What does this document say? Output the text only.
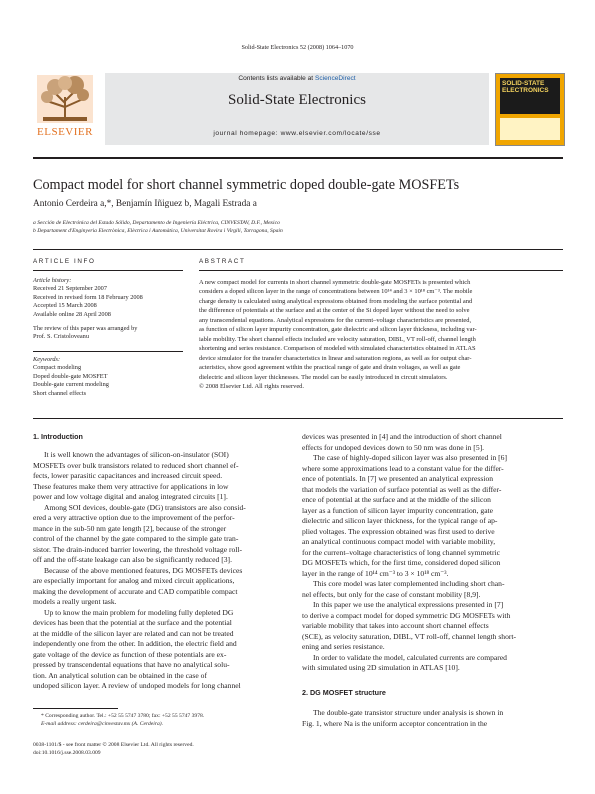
Solid-State Electronics 52 (2008) 1064–1070
ELSEVIER
Contents lists available at ScienceDirect
Solid-State Electronics
journal homepage: www.elsevier.com/locate/sse
SOLID-STATE ELECTRONICS
Compact model for short channel symmetric doped double-gate MOSFETs
Antonio Cerdeira a,*, Benjamín Iñiguez b, Magali Estrada a
a Sección de Electrónica del Estado Sólido, Departamento de Ingeniería Eléctrica, CINVESTAV, D.F., Mexico
b Departament d'Enginyeria Electrònica, Elèctrica i Automàtica, Universitat Rovira i Virgili, Tarragona, Spain
ARTICLE INFO
Article history:
Received 21 September 2007
Received in revised form 18 February 2008
Accepted 15 March 2008
Available online 28 April 2008
The review of this paper was arranged by
Prof. S. Cristoloveanu
Keywords:
Compact modeling
Doped double-gate MOSFET
Double-gate current modeling
Short channel effects
ABSTRACT
A new compact model for currents in short channel symmetric double-gate MOSFETs is presented which
considers a doped silicon layer in the range of concentrations between 10¹⁴ and 3 × 10¹⁸ cm⁻³. The mobile
charge density is calculated using analytical expressions obtained from modeling the surface potential and
the difference of potentials at the surface and at the center of the Si doped layer without the need to solve
any transcendental equations. Analytical expressions for the current–voltage characteristics are presented,
as function of silicon layer impurity concentration, gate dielectric and silicon layer thickness, including var-
iable mobility. The short channel effects included are velocity saturation, DIBL, VT roll-off, channel length
shortening and series resistance. Comparison of modeled with simulated characteristics obtained in ATLAS
device simulator for the transfer characteristics in linear and saturation regions, as well as for output char-
acteristics, show good agreement within the practical range of gate and drain voltages, as well as gate
dielectric and silicon layer thicknesses. The model can be easily introduced in circuit simulators.
© 2008 Elsevier Ltd. All rights reserved.
1. Introduction
It is well known the advantages of silicon-on-insulator (SOI)
MOSFETs over bulk transistors related to reduced short channel ef-
fects, lower parasitic capacitances and increased circuit speed.
These features make them very attractive for applications in low
power and low voltage digital and analog integrated circuits [1].
Among SOI devices, double-gate (DG) transistors are also consid-
ered a very attractive option due to the improvement of the perfor-
mance in the sub-50 nm gate length [2], because of the stronger
control of the channel by the gate compared to the simple gate tran-
sistor. The drain-induced barrier lowering, the threshold voltage roll-
off and the off-state leakage can also be significantly reduced [3].
Because of the above mentioned features, DG MOSFETs devices
are especially important for analog and mixed circuit applications,
making the development of accurate and CAD compatible compact
models a really urgent task.
Up to know the main problem for modeling fully depleted DG
devices has been that the potential at the surface and the potential
at the middle of the silicon layer are related and can not be treated
independently one from the other. In addition, the electric field and
gate voltage of the device as function of these potentials are ex-
pressed by transcendental equations that have no analytical solu-
tion. An analytical solution can be obtained in the case of
undoped silicon layer. A review of undoped models for long channel
devices was presented in [4] and the introduction of short channel
effects for undoped devices down to 50 nm was done in [5].
The case of highly-doped silicon layer was also presented in [6]
where some approximations lead to a constant value for the differ-
ence of potentials. In [7] we presented an analytical expression
that models the variation of surface potential as well as the differ-
ence of potential at the surface and at the middle of the silicon
layer as a function of silicon layer impurity concentration, gate
dielectric and silicon layer thickness, for the typical range of ap-
plied voltages. The expression obtained was first used to derive
an analytical continuous compact model with variable mobility,
for the current–voltage characteristics of long channel symmetric
DG MOSFETs which, for the first time, considered doped silicon
layer in the range of 10¹⁴ cm⁻³ to 3 × 10¹⁸ cm⁻³.
This core model was later complemented including short chan-
nel effects, but only for the case of constant mobility [8,9].
In this paper we use the analytical expressions presented in [7]
to derive a compact model for doped symmetric DG MOSFETs with
variable mobility that takes into account short channel effects
(SCE), as velocity saturation, DIBL, VT roll-off, channel length short-
ening and series resistance.
In order to validate the model, calculated currents are compared
with simulated using 2D simulation in ATLAS [10].
2. DG MOSFET structure
The double-gate transistor structure under analysis is shown in
Fig. 1, where Na is the uniform acceptor concentration in the
* Corresponding author. Tel.: +52 55 5747 3780; fax: +52 55 5747 3978.
E-mail address: cerdeira@cinvestav.mx (A. Cerdeira).
0038-1101/$ - see front matter © 2008 Elsevier Ltd. All rights reserved.
doi:10.1016/j.sse.2008.03.009
